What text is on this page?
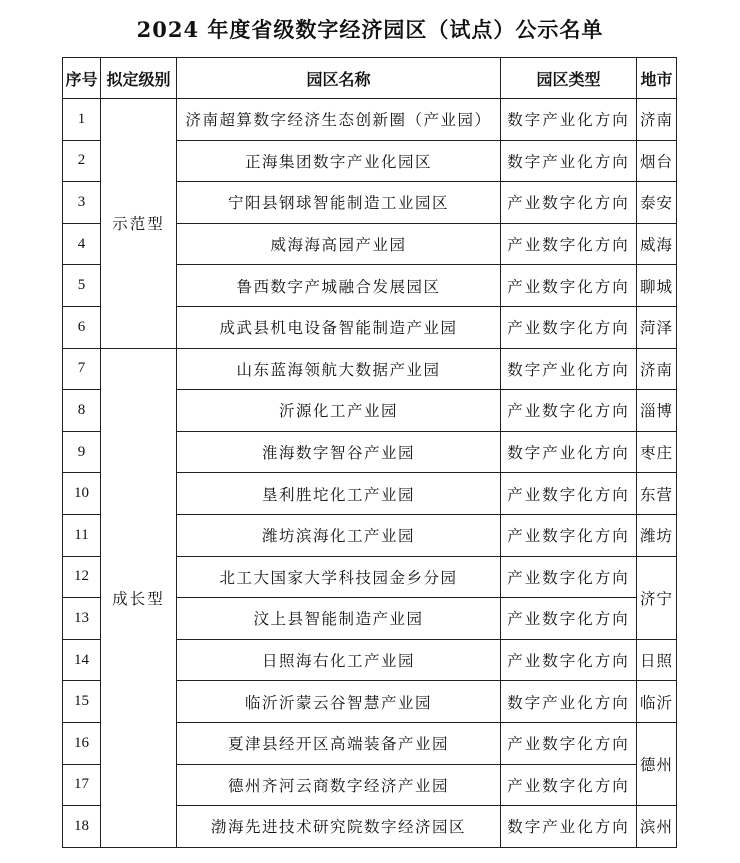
2024 年度省级数字经济园区（试点）公示名单
序号	拟定级别	园区名称	园区类型	地市
1	示范型	济南超算数字经济生态创新圈（产业园）	数字产业化方向	济南
2		正海集团数字产业化园区	数字产业化方向	烟台
3		宁阳县钢球智能制造工业园区	产业数字化方向	泰安
4		威海海高园产业园	产业数字化方向	威海
5		鲁西数字产城融合发展园区	产业数字化方向	聊城
6		成武县机电设备智能制造产业园	产业数字化方向	菏泽
7	成长型	山东蓝海领航大数据产业园	数字产业化方向	济南
8		沂源化工产业园	产业数字化方向	淄博
9		淮海数字智谷产业园	数字产业化方向	枣庄
10		垦利胜坨化工产业园	产业数字化方向	东营
11		潍坊滨海化工产业园	产业数字化方向	潍坊
12		北工大国家大学科技园金乡分园	产业数字化方向	济宁
13		汶上县智能制造产业园	产业数字化方向	
14		日照海右化工产业园	产业数字化方向	日照
15		临沂沂蒙云谷智慧产业园	数字产业化方向	临沂
16		夏津县经开区高端装备产业园	产业数字化方向	德州
17		德州齐河云商数字经济产业园	产业数字化方向	
18		渤海先进技术研究院数字经济园区	数字产业化方向	滨州
